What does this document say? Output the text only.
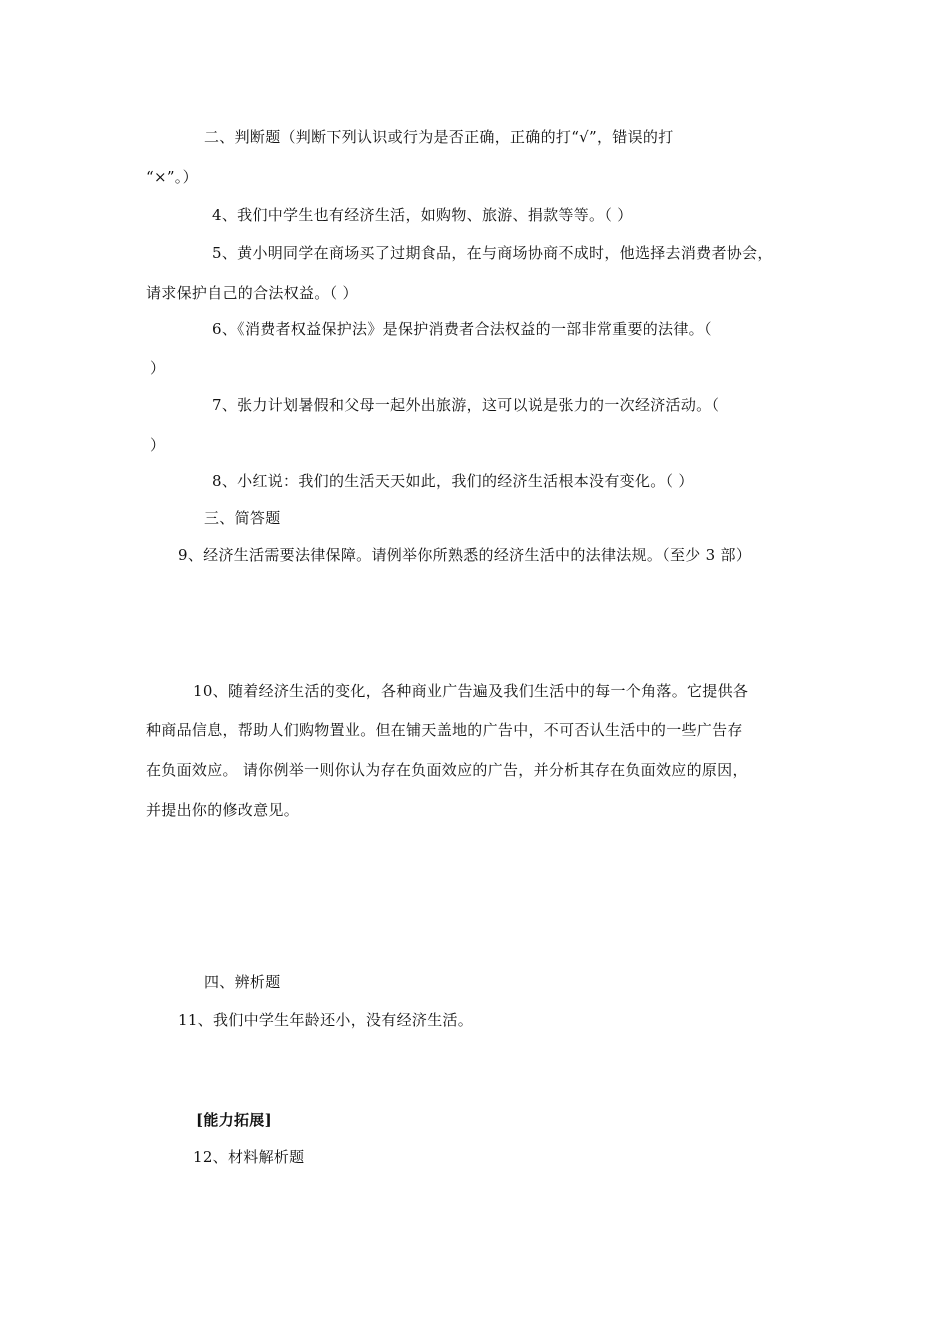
二、判断题（判断下列认识或行为是否正确，正确的打“√”，错误的打
“×”。）
4、我们中学生也有经济生活，如购物、旅游、捐款等等。（ ）
5、黄小明同学在商场买了过期食品，在与商场协商不成时，他选择去消费者协会，
请求保护自己的合法权益。（ ）
6、《消费者权益保护法》是保护消费者合法权益的一部非常重要的法律。（
）
7、张力计划暑假和父母一起外出旅游，这可以说是张力的一次经济活动。（
）
8、小红说：我们的生活天天如此，我们的经济生活根本没有变化。（ ）
三、简答题
9、经济生活需要法律保障。请例举你所熟悉的经济生活中的法律法规。（至少 3 部）
10、随着经济生活的变化，各种商业广告遍及我们生活中的每一个角落。它提供各
种商品信息，帮助人们购物置业。但在铺天盖地的广告中，不可否认生活中的一些广告存
在负面效应。 请你例举一则你认为存在负面效应的广告，并分析其存在负面效应的原因，
并提出你的修改意见。
四、辨析题
11、我们中学生年龄还小，没有经济生活。
[能力拓展]
12、材料解析题
